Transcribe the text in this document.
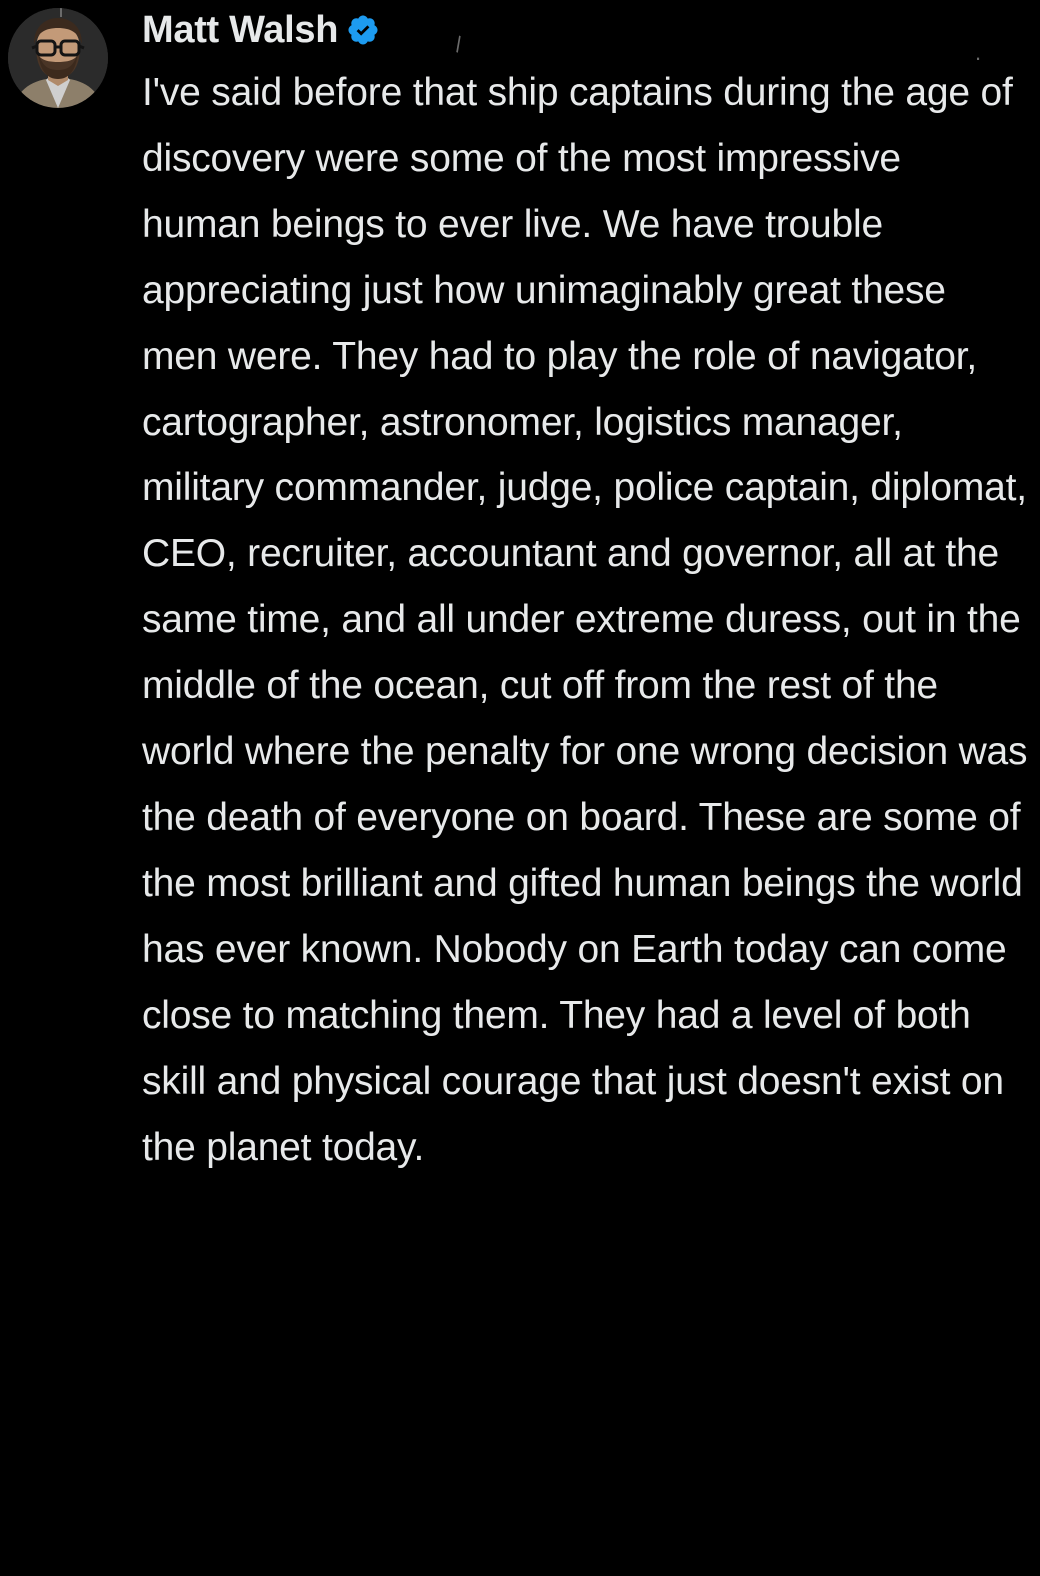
Matt Walsh	\	.
I've said before that ship captains during the age of discovery were some of the most impressive human beings to ever live. We have trouble appreciating just how unimaginably great these men were. They had to play the role of navigator, cartographer, astronomer, logistics manager, military commander, judge, police captain, diplomat, CEO, recruiter, accountant and governor, all at the same time, and all under extreme duress, out in the middle of the ocean, cut off from the rest of the world where the penalty for one wrong decision was the death of everyone on board. These are some of the most brilliant and gifted human beings the world has ever known. Nobody on Earth today can come close to matching them. They had a level of both skill and physical courage that just doesn't exist on the planet today.
